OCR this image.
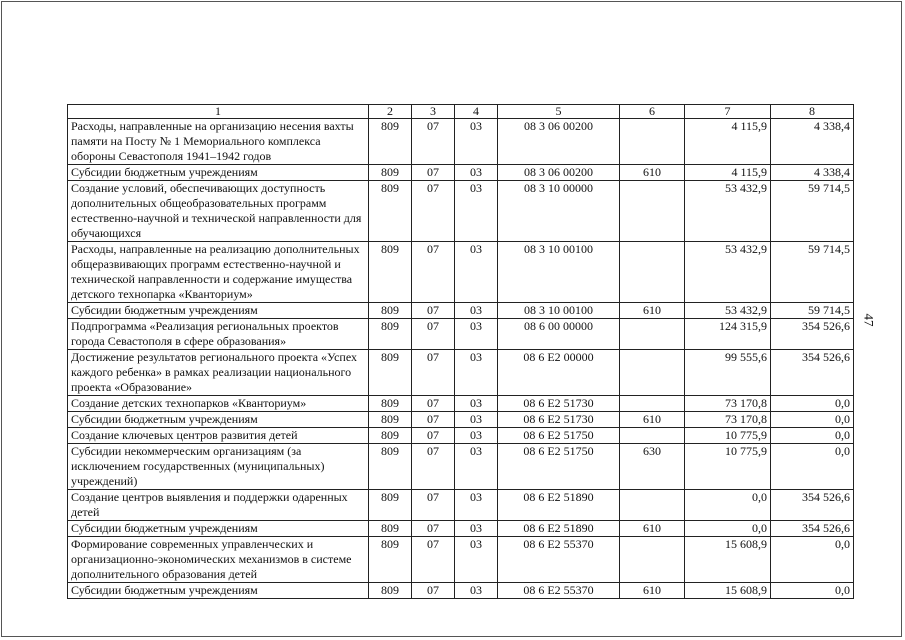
47
1	2	3	4	5	6	7	8
Расходы, направленные на организацию несения вахты памяти на Посту № 1 Мемориального комплекса обороны Севастополя 1941–1942 годов	809	07	03	08 3 06 00200		4 115,9	4 338,4
Субсидии бюджетным учреждениям	809	07	03	08 3 06 00200	610	4 115,9	4 338,4
Создание условий, обеспечивающих доступность дополнительных общеобразовательных программ естественно-научной и технической направленности для обучающихся	809	07	03	08 3 10 00000		53 432,9	59 714,5
Расходы, направленные на реализацию дополнительных общеразвивающих программ естественно-научной и технической направленности и содержание имущества детского технопарка «Кванториум»	809	07	03	08 3 10 00100		53 432,9	59 714,5
Субсидии бюджетным учреждениям	809	07	03	08 3 10 00100	610	53 432,9	59 714,5
Подпрограмма «Реализация региональных проектов города Севастополя в сфере образования»	809	07	03	08 6 00 00000		124 315,9	354 526,6
Достижение результатов регионального проекта «Успех каждого ребенка» в рамках реализации национального проекта «Образование»	809	07	03	08 6 E2 00000		99 555,6	354 526,6
Создание детских технопарков «Кванториум»	809	07	03	08 6 E2 51730		73 170,8	0,0
Субсидии бюджетным учреждениям	809	07	03	08 6 E2 51730	610	73 170,8	0,0
Создание ключевых центров развития детей	809	07	03	08 6 E2 51750		10 775,9	0,0
Субсидии некоммерческим организациям (за исключением государственных (муниципальных) учреждений)	809	07	03	08 6 E2 51750	630	10 775,9	0,0
Создание центров выявления и поддержки одаренных детей	809	07	03	08 6 E2 51890		0,0	354 526,6
Субсидии бюджетным учреждениям	809	07	03	08 6 E2 51890	610	0,0	354 526,6
Формирование современных управленческих и организационно-экономических механизмов в системе дополнительного образования детей	809	07	03	08 6 E2 55370		15 608,9	0,0
Субсидии бюджетным учреждениям	809	07	03	08 6 E2 55370	610	15 608,9	0,0
